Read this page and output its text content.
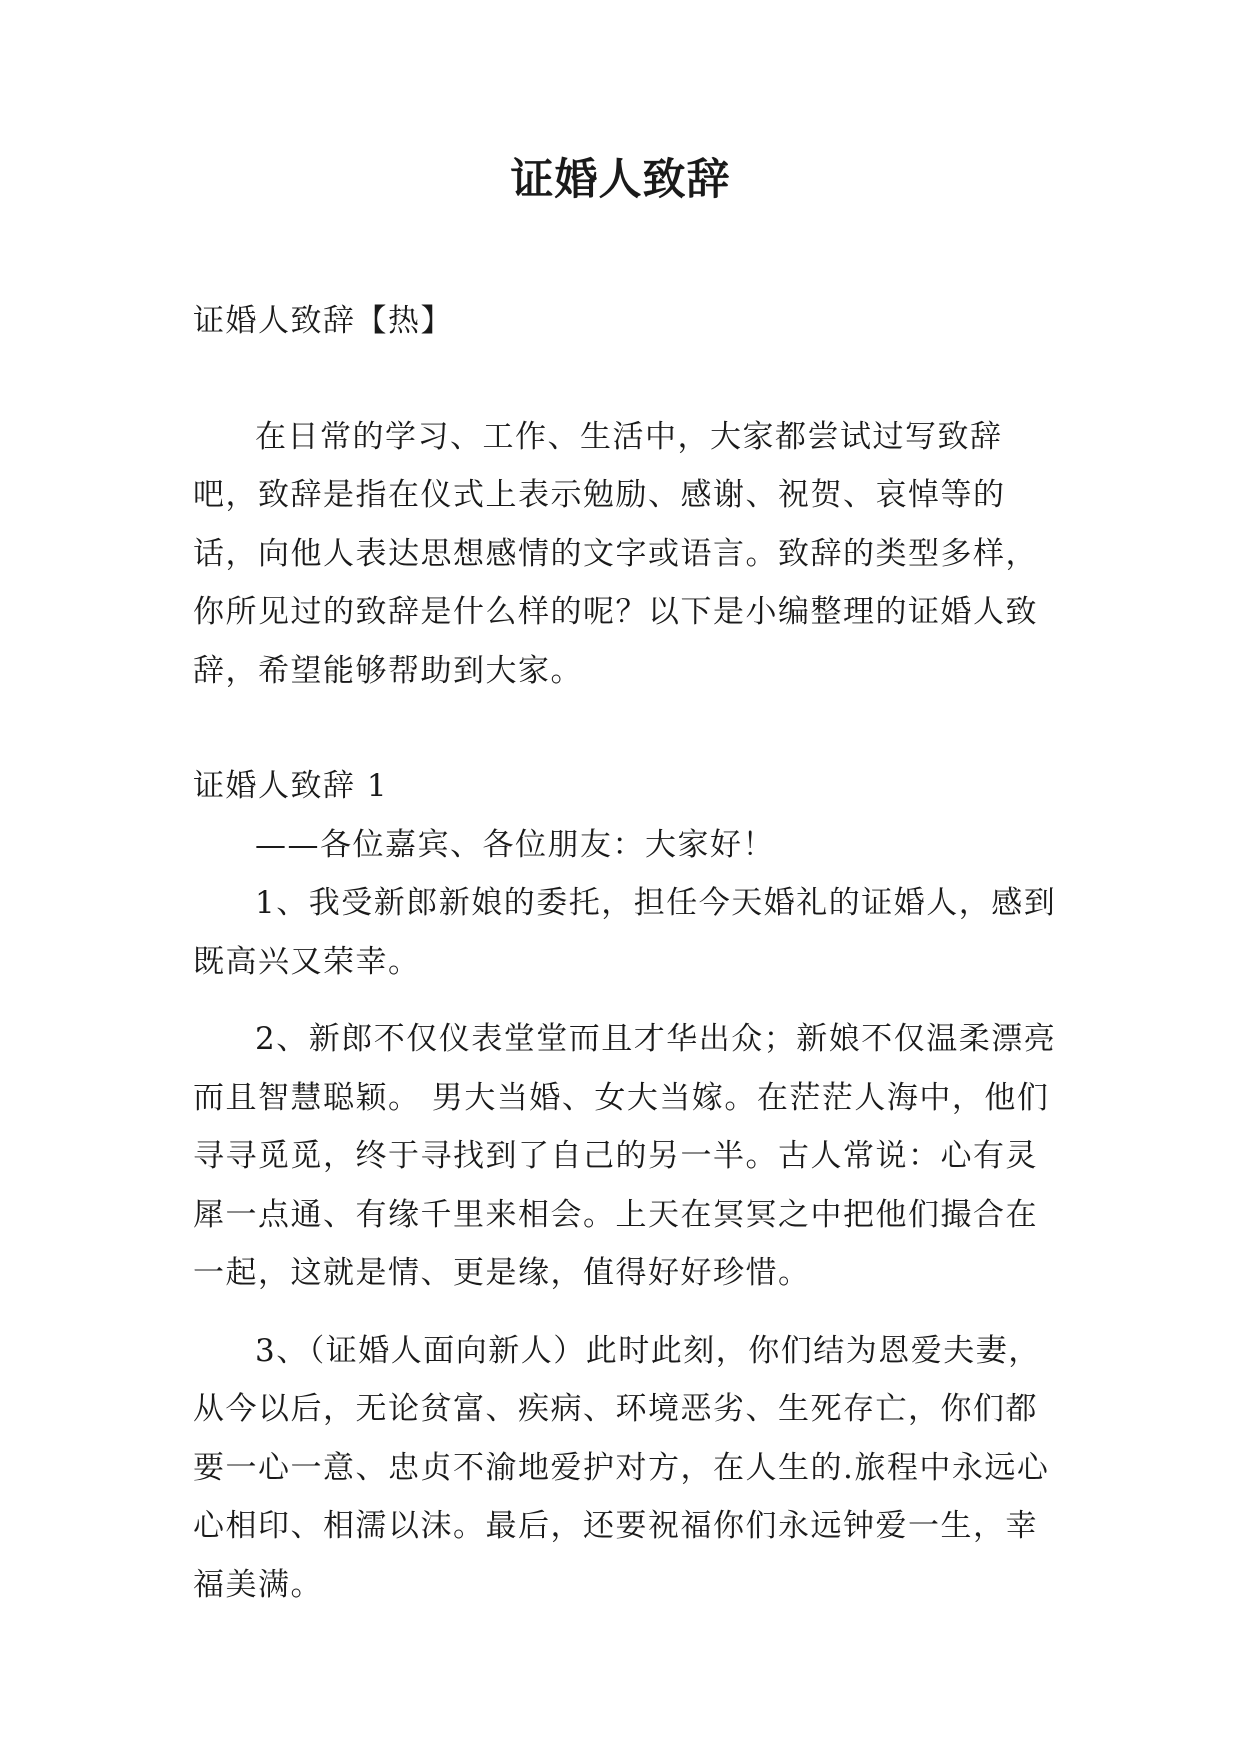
证婚人致辞

证婚人致辞【热】

在日常的学习、工作、生活中，大家都尝试过写致辞吧，致辞是指在仪式上表示勉励、感谢、祝贺、哀悼等的话，向他人表达思想感情的文字或语言。致辞的类型多样，你所见过的致辞是什么样的呢？以下是小编整理的证婚人致辞，希望能够帮助到大家。

证婚人致辞 1

——各位嘉宾、各位朋友：大家好！

1、我受新郎新娘的委托，担任今天婚礼的证婚人，感到既高兴又荣幸。

2、新郎不仅仪表堂堂而且才华出众；新娘不仅温柔漂亮而且智慧聪颖。 男大当婚、女大当嫁。在茫茫人海中，他们寻寻觅觅，终于寻找到了自己的另一半。古人常说：心有灵犀一点通、有缘千里来相会。上天在冥冥之中把他们撮合在一起，这就是情、更是缘，值得好好珍惜。

3、（证婚人面向新人）此时此刻，你们结为恩爱夫妻，从今以后，无论贫富、疾病、环境恶劣、生死存亡，你们都要一心一意、忠贞不渝地爱护对方，在人生的.旅程中永远心心相印、相濡以沫。最后，还要祝福你们永远钟爱一生，幸福美满。
